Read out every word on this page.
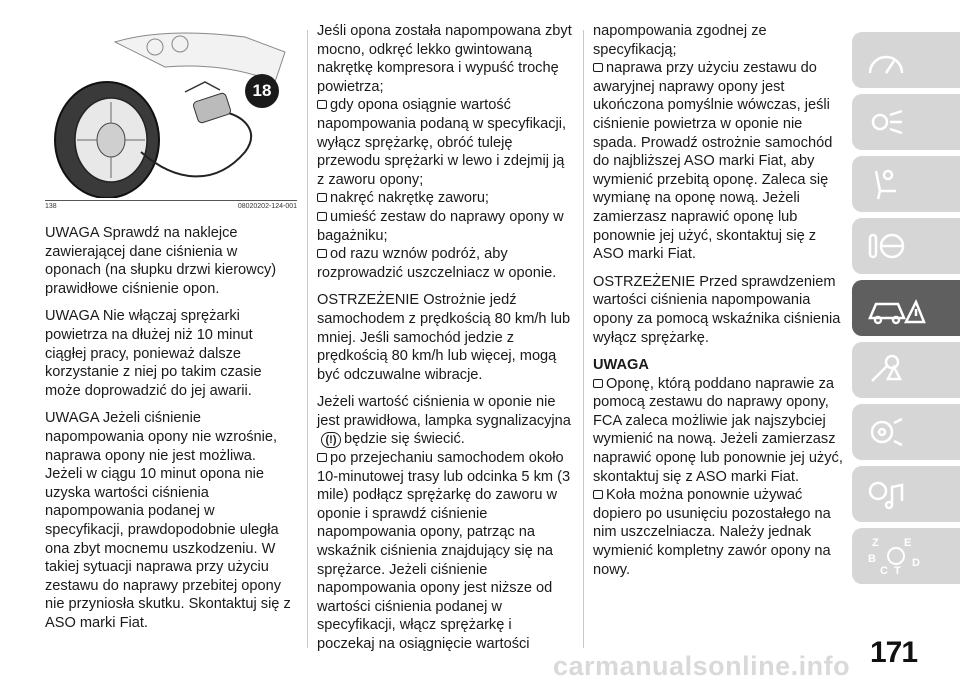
18
138	08020202-124-001

UWAGA Sprawdź na naklejce zawierającej dane ciśnienia w oponach (na słupku drzwi kierowcy) prawidłowe ciśnienie opon.

UWAGA Nie włączaj sprężarki powietrza na dłużej niż 10 minut ciągłej pracy, ponieważ dalsze korzystanie z niej po takim czasie może doprowadzić do jej awarii.

UWAGA Jeżeli ciśnienie napompowania opony nie wzrośnie, naprawa opony nie jest możliwa. Jeżeli w ciągu 10 minut opona nie uzyska wartości ciśnienia napompowania podanej w specyfikacji, prawdopodobnie uległa ona zbyt mocnemu uszkodzeniu. W takiej sytuacji naprawa przy użyciu zestawu do naprawy przebitej opony nie przyniosła skutku. Skontaktuj się z ASO marki Fiat.

Jeśli opona została napompowana zbyt mocno, odkręć lekko gwintowaną nakrętkę kompresora i wypuść trochę powietrza;

gdy opona osiągnie wartość napompowania podaną w specyfikacji, wyłącz sprężarkę, obróć tuleję przewodu sprężarki w lewo i zdejmij ją z zaworu opony;
nakręć nakrętkę zaworu;
umieść zestaw do naprawy opony w bagażniku;
od razu wznów podróż, aby rozprowadzić uszczelniacz w oponie.

OSTRZEŻENIE Ostrożnie jedź samochodem z prędkością 80 km/h lub mniej. Jeśli samochód jedzie z prędkością 80 km/h lub więcej, mogą być odczuwalne wibracje.

Jeżeli wartość ciśnienia w oponie nie jest prawidłowa, lampka sygnalizacyjna
(!) będzie się świecić.

po przejechaniu samochodem około 10-minutowej trasy lub odcinka 5 km (3 mile) podłącz sprężarkę do zaworu w oponie i sprawdź ciśnienie napompowania opony, patrząc na wskaźnik ciśnienia znajdujący się na sprężarce. Jeżeli ciśnienie napompowania opony jest niższe od wartości ciśnienia podanej w specyfikacji, włącz sprężarkę i poczekaj na osiągnięcie wartości
napompowania zgodnej ze specyfikacją;
naprawa przy użyciu zestawu do awaryjnej naprawy opony jest ukończona pomyślnie wówczas, jeśli ciśnienie powietrza w oponie nie spada. Prowadź ostrożnie samochód do najbliższej ASO marki Fiat, aby wymienić przebitą oponę. Zaleca się wymianę na oponę nową. Jeżeli zamierzasz naprawić oponę lub ponownie jej użyć, skontaktuj się z ASO marki Fiat.

OSTRZEŻENIE Przed sprawdzeniem wartości ciśnienia napompowania opony za pomocą wskaźnika ciśnienia wyłącz sprężarkę.

UWAGA
Oponę, którą poddano naprawie za pomocą zestawu do naprawy opony, FCA zaleca możliwie jak najszybciej wymienić na nową. Jeżeli zamierzasz naprawić oponę lub ponownie jej użyć, skontaktuj się z ASO marki Fiat.
Koła można ponownie używać dopiero po usunięciu pozostałego na nim uszczelniacza. Należy jednak wymienić kompletny zawór opony na nowy.
Z E
B
C T
D
171
carmanualsonline.info
